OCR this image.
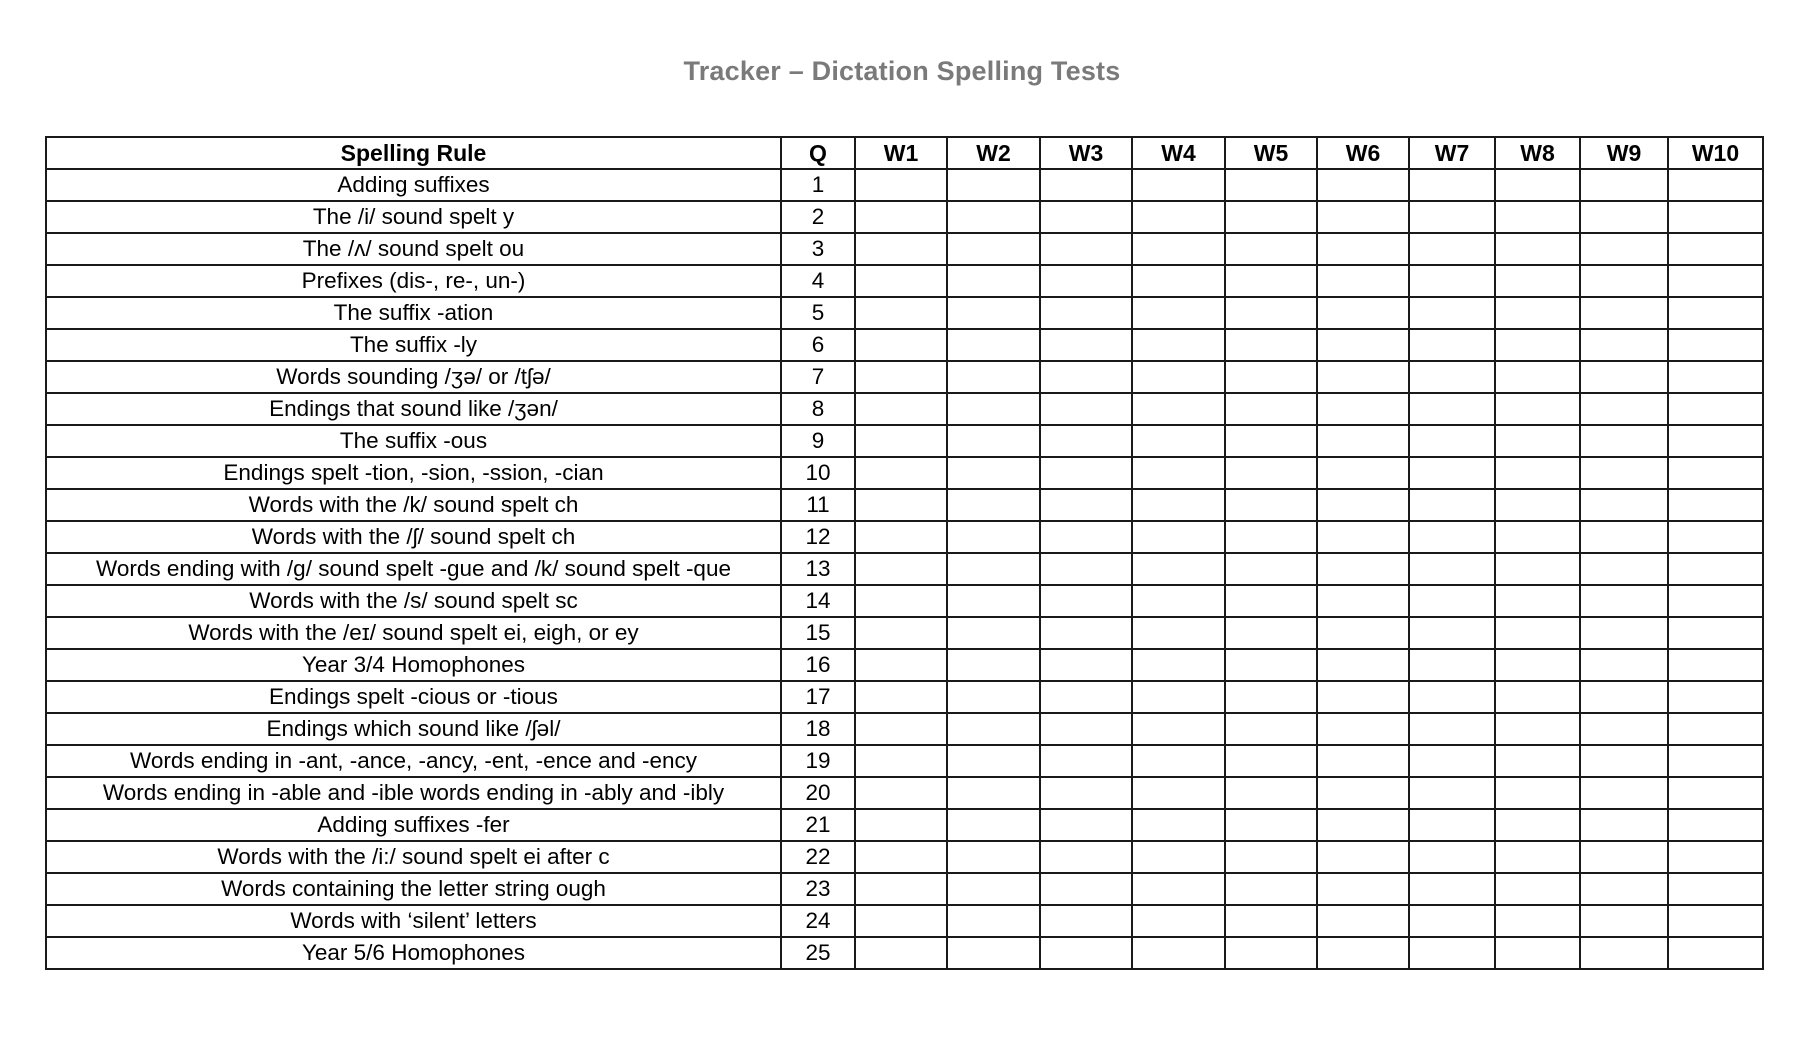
Tracker – Dictation Spelling Tests
Spelling Rule	Q	W1	W2	W3	W4	W5	W6	W7	W8	W9	W10
Adding suffixes	1										
The /i/ sound spelt y	2										
The /ʌ/ sound spelt ou	3										
Prefixes (dis-, re-, un-)	4										
The suffix -ation	5										
The suffix -ly	6										
Words sounding /ʒə/ or /tʃə/	7										
Endings that sound like /ʒən/	8										
The suffix -ous	9										
Endings spelt -tion, -sion, -ssion, -cian	10										
Words with the /k/ sound spelt ch	11										
Words with the /ʃ/ sound spelt ch	12										
Words ending with /g/ sound spelt -gue and /k/ sound spelt -que	13										
Words with the /s/ sound spelt sc	14										
Words with the /eɪ/ sound spelt ei, eigh, or ey	15										
Year 3/4 Homophones	16										
Endings spelt -cious or -tious	17										
Endings which sound like /ʃəl/	18										
Words ending in -ant, -ance, -ancy, -ent, -ence and -ency	19										
Words ending in -able and -ible words ending in -ably and -ibly	20										
Adding suffixes -fer	21										
Words with the /i:/ sound spelt ei after c	22										
Words containing the letter string ough	23										
Words with ‘silent’ letters	24										
Year 5/6 Homophones	25										
